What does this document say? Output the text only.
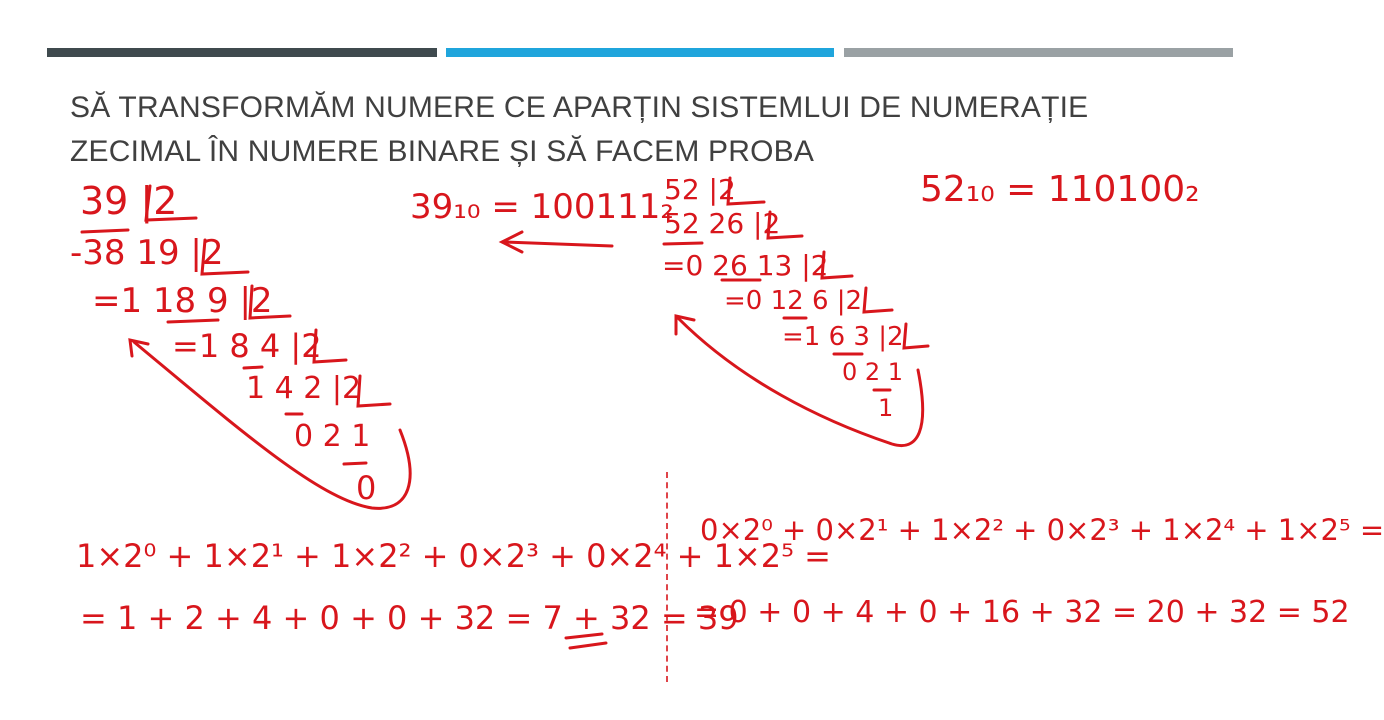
SĂ TRANSFORMĂM NUMERE CE APARȚIN SISTEMLUI DE NUMERAȚIE
ZECIMAL ÎN NUMERE BINARE ȘI SĂ FACEM PROBA
39 |2
-38 19 |2
=1 18 9 |2
=1 8 4 |2
1 4 2 |2
0 2 1
0
39₁₀ = 100111₂
52 |2
52 26 |2
=0 26 13 |2
=0 12 6 |2
=1 6 3 |2
0 2 1
1
52₁₀ = 110100₂
1×2⁰ + 1×2¹ + 1×2² + 0×2³ + 0×2⁴ + 1×2⁵ =
= 1 + 2 + 4 + 0 + 0 + 32 = 7 + 32 = 39
0×2⁰ + 0×2¹ + 1×2² + 0×2³ + 1×2⁴ + 1×2⁵ =
= 0 + 0 + 4 + 0 + 16 + 32 = 20 + 32 = 52
